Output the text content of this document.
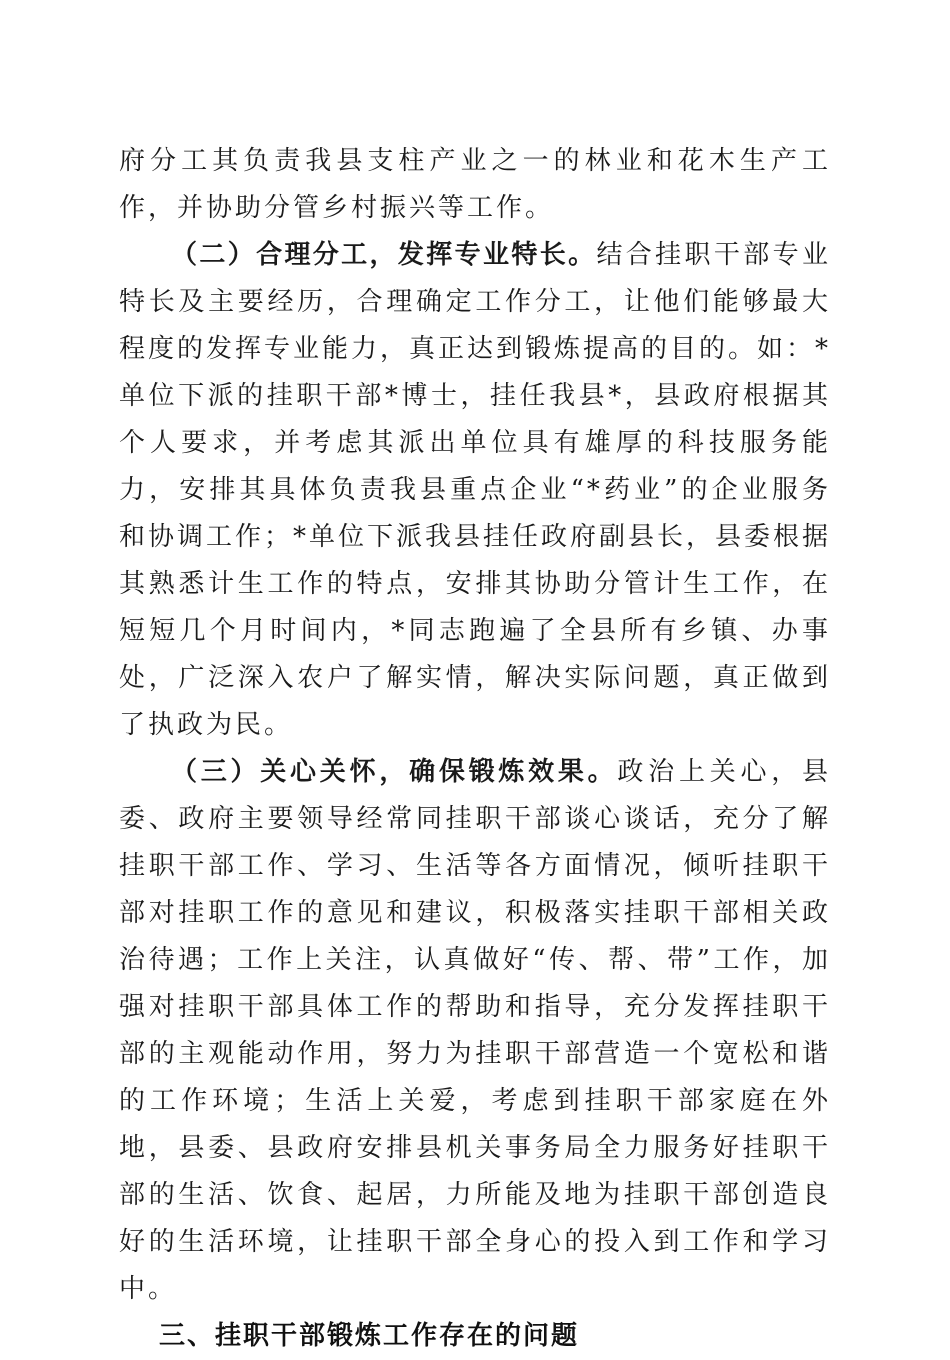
府分工其负责我县支柱产业之一的林业和花木生产工作，并协助分管乡村振兴等工作。

（二）合理分工，发挥专业特长。结合挂职干部专业特长及主要经历，合理确定工作分工，让他们能够最大程度的发挥专业能力，真正达到锻炼提高的目的。如：*单位下派的挂职干部*博士，挂任我县*，县政府根据其个人要求，并考虑其派出单位具有雄厚的科技服务能力，安排其具体负责我县重点企业“*药业”的企业服务和协调工作；*单位下派我县挂任政府副县长，县委根据其熟悉计生工作的特点，安排其协助分管计生工作，在短短几个月时间内，*同志跑遍了全县所有乡镇、办事处，广泛深入农户了解实情，解决实际问题，真正做到了执政为民。

（三）关心关怀，确保锻炼效果。政治上关心，县委、政府主要领导经常同挂职干部谈心谈话，充分了解挂职干部工作、学习、生活等各方面情况，倾听挂职干部对挂职工作的意见和建议，积极落实挂职干部相关政治待遇；工作上关注，认真做好“传、帮、带”工作，加强对挂职干部具体工作的帮助和指导，充分发挥挂职干部的主观能动作用，努力为挂职干部营造一个宽松和谐的工作环境；生活上关爱，考虑到挂职干部家庭在外地，县委、县政府安排县机关事务局全力服务好挂职干部的生活、饮食、起居，力所能及地为挂职干部创造良好的生活环境，让挂职干部全身心的投入到工作和学习中。

三、挂职干部锻炼工作存在的问题
